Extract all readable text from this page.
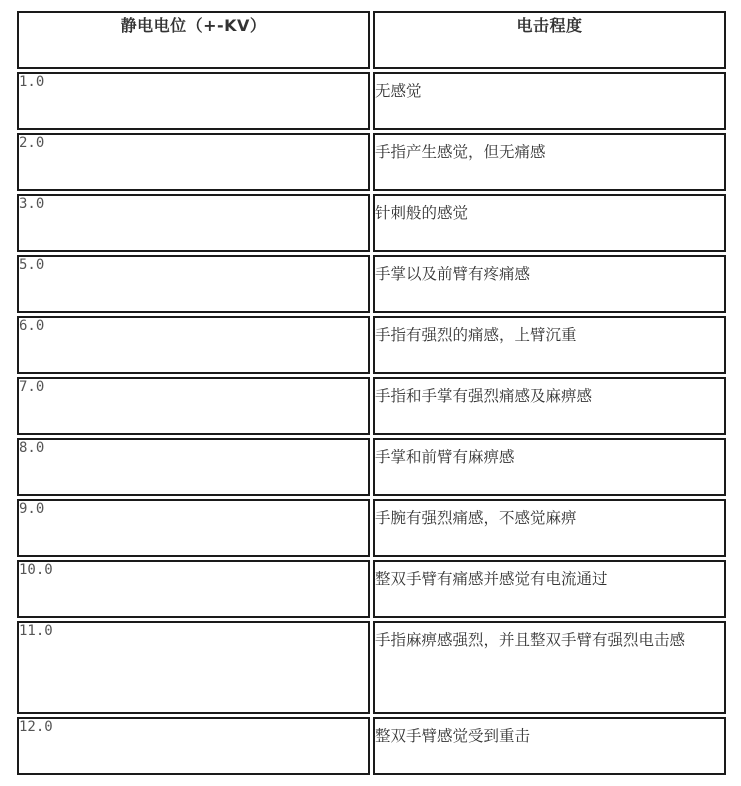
静电电位（+-KV）	电击程度
1.0	无感觉
2.0	手指产生感觉，但无痛感
3.0	针刺般的感觉
5.0	手掌以及前臂有疼痛感
6.0	手指有强烈的痛感，上臂沉重
7.0	手指和手掌有强烈痛感及麻痹感
8.0	手掌和前臂有麻痹感
9.0	手腕有强烈痛感，不感觉麻痹
10.0	整双手臂有痛感并感觉有电流通过
11.0	手指麻痹感强烈，并且整双手臂有强烈电击感
12.0	整双手臂感觉受到重击
